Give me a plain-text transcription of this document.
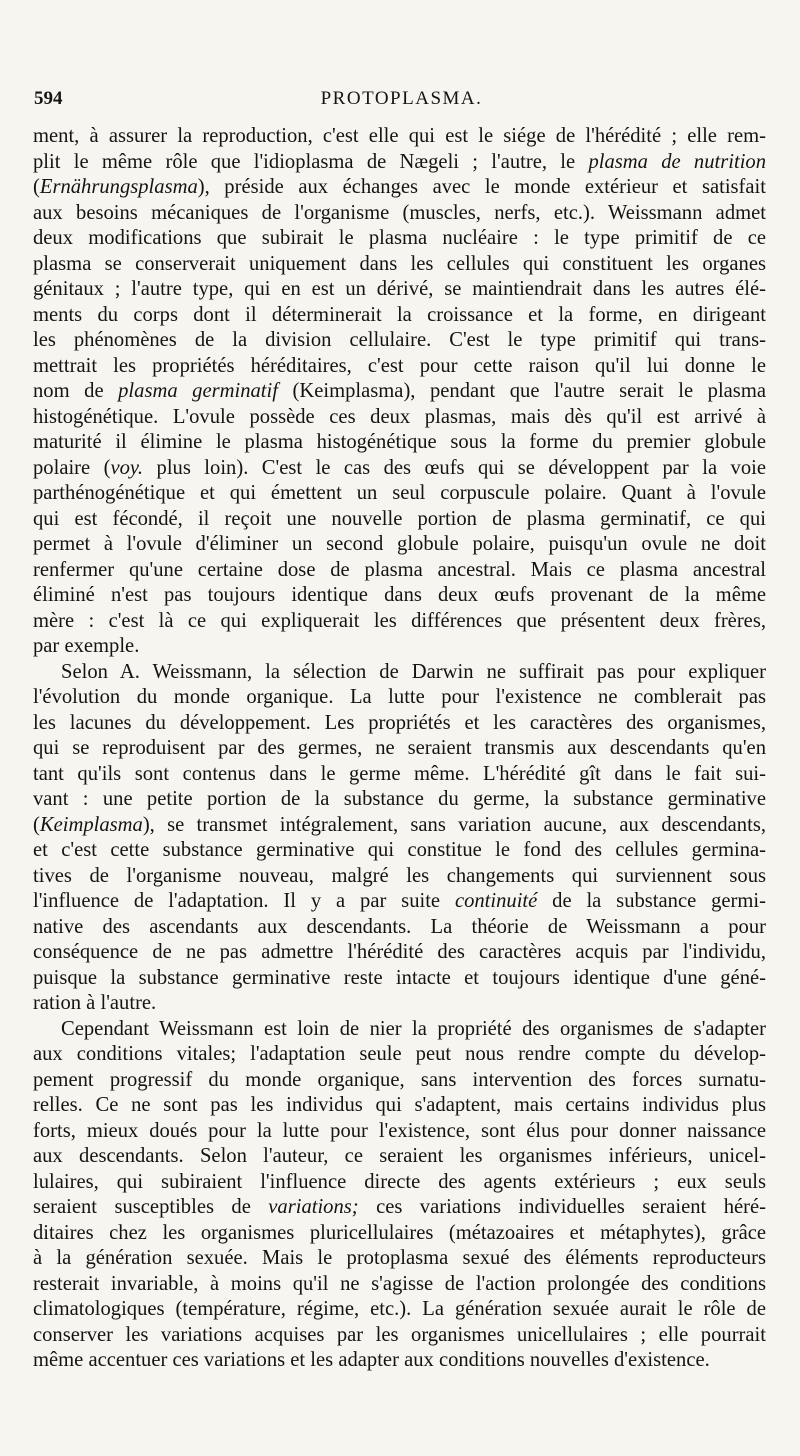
594	PROTOPLASMA.

ment, à assurer la reproduction, c'est elle qui est le siége de l'hérédité ; elle rem-
plit le même rôle que l'idioplasma de Nægeli ; l'autre, le plasma de nutrition
(Ernährungsplasma), préside aux échanges avec le monde extérieur et satisfait
aux besoins mécaniques de l'organisme (muscles, nerfs, etc.). Weissmann admet
deux modifications que subirait le plasma nucléaire : le type primitif de ce
plasma se conserverait uniquement dans les cellules qui constituent les organes
génitaux ; l'autre type, qui en est un dérivé, se maintiendrait dans les autres élé-
ments du corps dont il déterminerait la croissance et la forme, en dirigeant
les phénomènes de la division cellulaire. C'est le type primitif qui trans-
mettrait les propriétés héréditaires, c'est pour cette raison qu'il lui donne le
nom de plasma germinatif (Keimplasma), pendant que l'autre serait le plasma
histogénétique. L'ovule possède ces deux plasmas, mais dès qu'il est arrivé à
maturité il élimine le plasma histogénétique sous la forme du premier globule
polaire (voy. plus loin). C'est le cas des œufs qui se développent par la voie
parthénogénétique et qui émettent un seul corpuscule polaire. Quant à l'ovule
qui est fécondé, il reçoit une nouvelle portion de plasma germinatif, ce qui
permet à l'ovule d'éliminer un second globule polaire, puisqu'un ovule ne doit
renfermer qu'une certaine dose de plasma ancestral. Mais ce plasma ancestral
éliminé n'est pas toujours identique dans deux œufs provenant de la même
mère : c'est là ce qui expliquerait les différences que présentent deux frères,
par exemple.

Selon A. Weissmann, la sélection de Darwin ne suffirait pas pour expliquer
l'évolution du monde organique. La lutte pour l'existence ne comblerait pas
les lacunes du développement. Les propriétés et les caractères des organismes,
qui se reproduisent par des germes, ne seraient transmis aux descendants qu'en
tant qu'ils sont contenus dans le germe même. L'hérédité gît dans le fait sui-
vant : une petite portion de la substance du germe, la substance germinative
(Keimplasma), se transmet intégralement, sans variation aucune, aux descendants,
et c'est cette substance germinative qui constitue le fond des cellules germina-
tives de l'organisme nouveau, malgré les changements qui surviennent sous
l'influence de l'adaptation. Il y a par suite continuité de la substance germi-
native des ascendants aux descendants. La théorie de Weissmann a pour
conséquence de ne pas admettre l'hérédité des caractères acquis par l'individu,
puisque la substance germinative reste intacte et toujours identique d'une géné-
ration à l'autre.

Cependant Weissmann est loin de nier la propriété des organismes de s'adapter
aux conditions vitales; l'adaptation seule peut nous rendre compte du dévelop-
pement progressif du monde organique, sans intervention des forces surnatu-
relles. Ce ne sont pas les individus qui s'adaptent, mais certains individus plus
forts, mieux doués pour la lutte pour l'existence, sont élus pour donner naissance
aux descendants. Selon l'auteur, ce seraient les organismes inférieurs, unicel-
lulaires, qui subiraient l'influence directe des agents extérieurs ; eux seuls
seraient susceptibles de variations; ces variations individuelles seraient héré-
ditaires chez les organismes pluricellulaires (métazoaires et métaphytes), grâce
à la génération sexuée. Mais le protoplasma sexué des éléments reproducteurs
resterait invariable, à moins qu'il ne s'agisse de l'action prolongée des conditions
climatologiques (température, régime, etc.). La génération sexuée aurait le rôle de
conserver les variations acquises par les organismes unicellulaires ; elle pourrait
même accentuer ces variations et les adapter aux conditions nouvelles d'existence.
